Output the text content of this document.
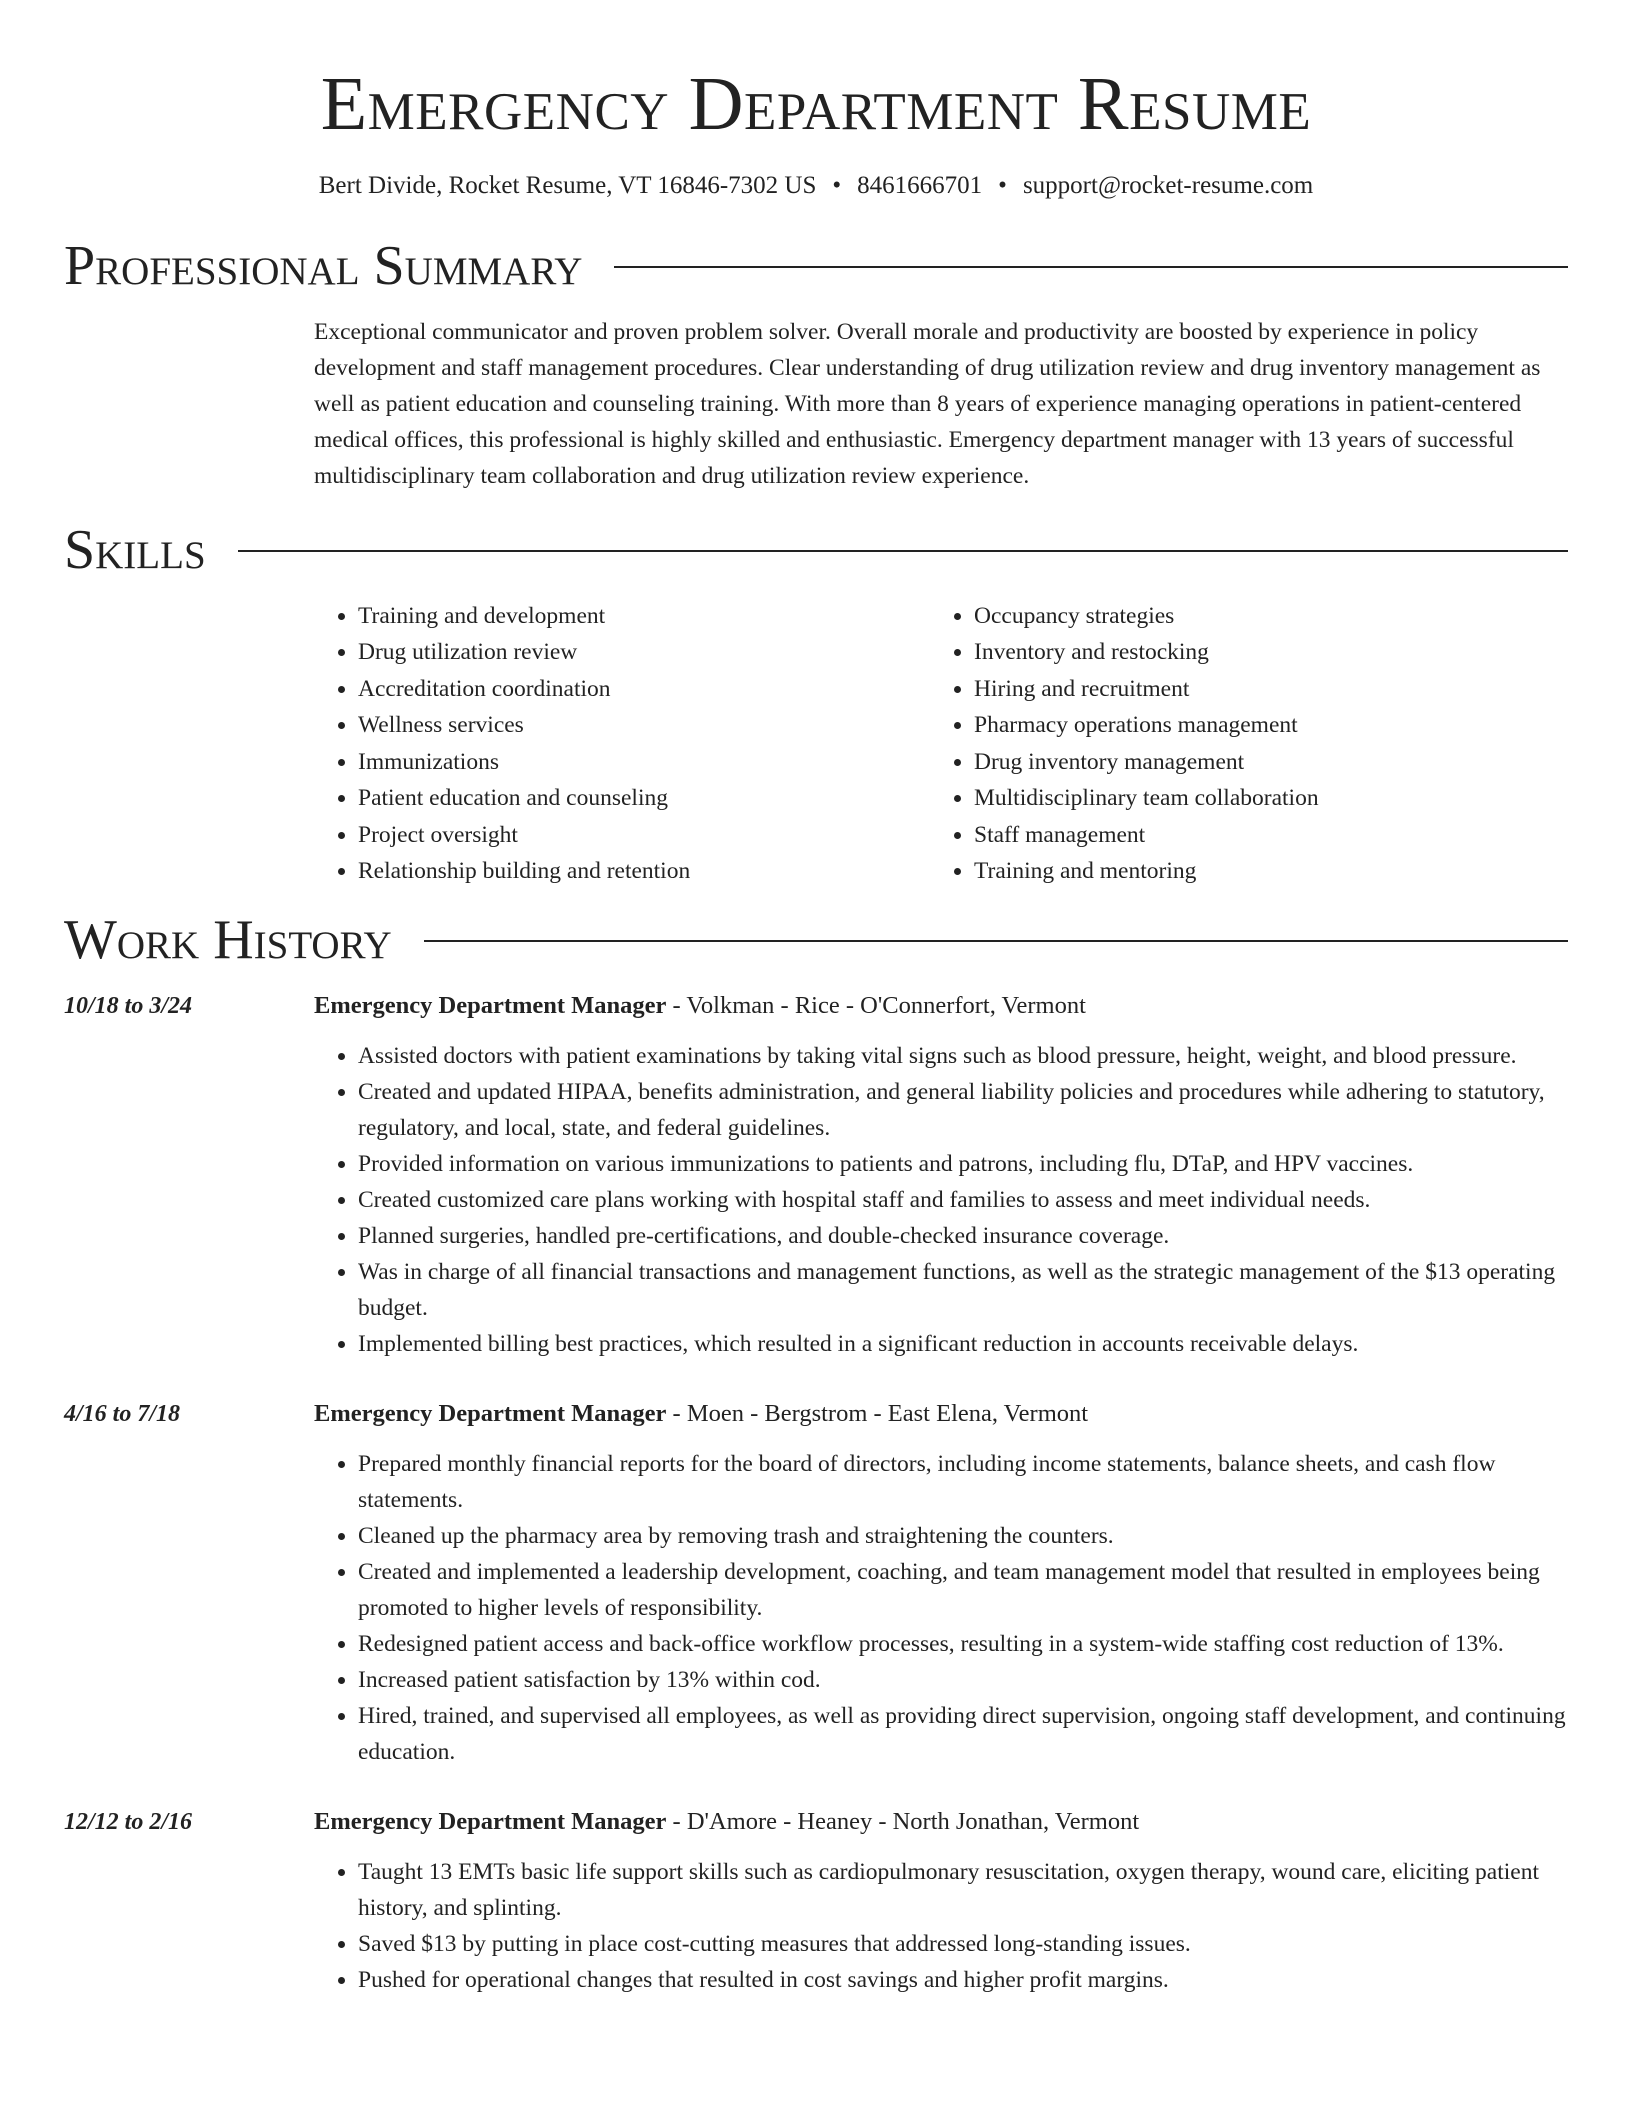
Emergency Department Resume
Bert Divide, Rocket Resume, VT 16846-7302 US • 8461666701 • support@rocket-resume.com
Professional Summary

Exceptional communicator and proven problem solver. Overall morale and productivity are boosted by experience in policy development and staff management procedures. Clear understanding of drug utilization review and drug inventory management as well as patient education and counseling training. With more than 8 years of experience managing operations in patient-centered medical offices, this professional is highly skilled and enthusiastic. Emergency department manager with 13 years of successful multidisciplinary team collaboration and drug utilization review experience.

Skills
• Training and development
• Drug utilization review
• Accreditation coordination
• Wellness services
• Immunizations
• Patient education and counseling
• Project oversight
• Relationship building and retention
• Occupancy strategies
• Inventory and restocking
• Hiring and recruitment
• Pharmacy operations management
• Drug inventory management
• Multidisciplinary team collaboration
• Staff management
• Training and mentoring
Work History
10/18 to 3/24	Emergency Department Manager - Volkman - Rice - O'Connerfort, Vermont
• Assisted doctors with patient examinations by taking vital signs such as blood pressure, height, weight, and blood pressure.
• Created and updated HIPAA, benefits administration, and general liability policies and procedures while adhering to statutory, regulatory, and local, state, and federal guidelines.
• Provided information on various immunizations to patients and patrons, including flu, DTaP, and HPV vaccines.
• Created customized care plans working with hospital staff and families to assess and meet individual needs.
• Planned surgeries, handled pre-certifications, and double-checked insurance coverage.
• Was in charge of all financial transactions and management functions, as well as the strategic management of the $13 operating budget.
• Implemented billing best practices, which resulted in a significant reduction in accounts receivable delays.
4/16 to 7/18	Emergency Department Manager - Moen - Bergstrom - East Elena, Vermont
• Prepared monthly financial reports for the board of directors, including income statements, balance sheets, and cash flow statements.
• Cleaned up the pharmacy area by removing trash and straightening the counters.
• Created and implemented a leadership development, coaching, and team management model that resulted in employees being promoted to higher levels of responsibility.
• Redesigned patient access and back-office workflow processes, resulting in a system-wide staffing cost reduction of 13%.
• Increased patient satisfaction by 13% within cod.
• Hired, trained, and supervised all employees, as well as providing direct supervision, ongoing staff development, and continuing education.
12/12 to 2/16	Emergency Department Manager - D'Amore - Heaney - North Jonathan, Vermont
• Taught 13 EMTs basic life support skills such as cardiopulmonary resuscitation, oxygen therapy, wound care, eliciting patient history, and splinting.
• Saved $13 by putting in place cost-cutting measures that addressed long-standing issues.
• Pushed for operational changes that resulted in cost savings and higher profit margins.
